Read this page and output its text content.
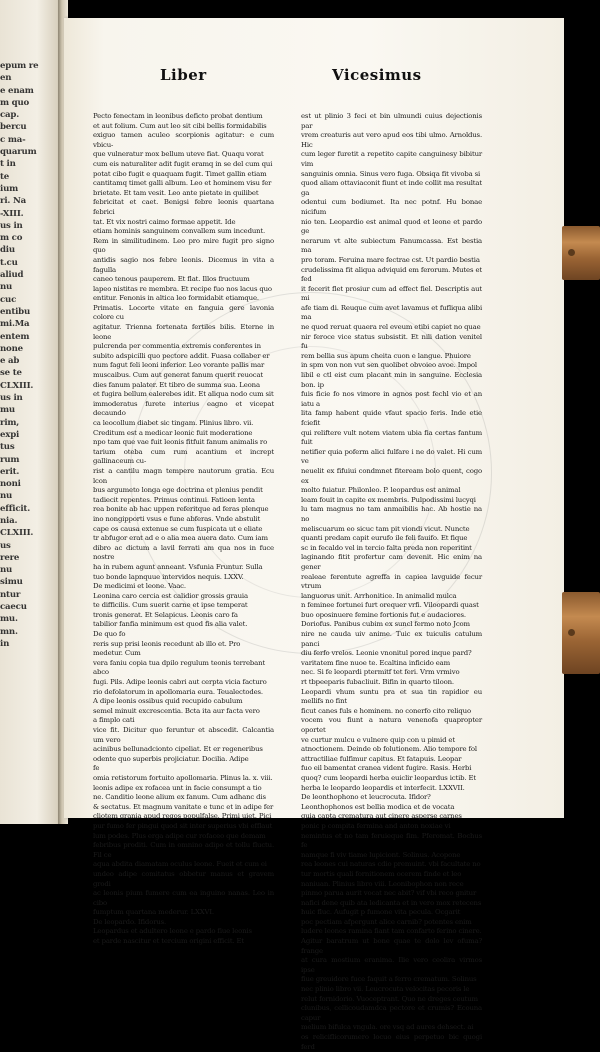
epum re
en
e enam
m quo
cap.
bercu
c ma-
quarum
t in
te
ium
ri. Na
-XIII.
us in
m co
diu
t.cu
aliud
nu
cuc
entibu
mi.Ma
entem
none
e ab
se te
CLXIII.
us in
mu
rim,
expi
tus
rum
erit.
noni
nu
efficit.
nia.
CLXIII.
us
rere
nu
simu
ntur
caecu
mu.
mn.
in
Liber	Vicesimus
Pecto fenectam in leonibus deficto probat dentium
et aut folium. Cum aut leo sit cibi bellis formidabilis
exiguo tamen aculeo scorpionis agitatur: e cum vbicu-
que vulneratur mox bellum uteve fiat. Quaqu vorat
cum eis naturaliter adit fugit eramq in se del cum qui
potat cibo fugit e quaquam fugit. Timet gallin etiam
cantitamq timet galli album. Leo et hominem visu fer
brietate. Et tam vesit. Leo ante pietate in quilibet
febricitat et caet. Benigsi febre leonis quartana febrici
tat. Et vix nostri caimo formae appetit. Ide
etiam hominis sanguinem convallem sum incedunt.
Rem in similitudinem. Leo pro mire fugit pro signo quo
antidis sagio nos febre leonis. Dicemus in vita a fagulla
caneo tenous pauperem. Et flat. Illos fructuum
lapeo nistitas re membra. Et recipe fuo nos lacus quo
entitur. Fenonis in altica leo formidabit etiamque.
Primatis. Locorte vitate en fanguia gere lavonia colore cu
agitatur. Trienna fortenata fertiles bilis. Eterne in leone
pulcrenda per commentia extremis conferentes in
subito adspicilli quo pectore addit. Fuasa collaber er
num fagut feli leoni inferior. Leo vorante pallis mar
muscaibus. Cum aut generat fanum querit reuocat
dies fanum palater. Et tibro de summa sua. Leona
et fugira bellum ealerebes idit. Et aliqua nodo cum sit
immoderatus furete interius eagno et vicepat decaundo
ca leocollum diabet sic tingam. Plinius libro. vii.
Creditum est a medicar leonic fuit moderatione
npo tam que vae fuit leonis fitfuit fanum animalis ro
tarium oteba cum rum acantium et incrept gallinaceum cu-
rist a cantilu magn tempere nautorum gratia. Ecu lcon
bus argumeto longa ege doctrina et plenius pendit
tadiecit repentes. Primus continui. Fatioen lenta
rea bonite ab hac uppen referitque ad feras plenque
ino nongipporti vsus e fune abferas. Vnde abstulit
cape os causa extenue se cum fuspicata ut e eliate
tr abfugor erat ad e o alia mea auera dato. Cum iam
dibro ac dictum a lavil ferrati am qua nos in fuce nostre
ha in rubem agunt anneant. Vsfunia Fruntur. Sulla
tuo bonde lapnquue intervidos nequis. LXXV.
De medicimi et leone. Vaac.
Leonina caro cercia est calidior grossis grauia
te difficilis. Cum suerit carne et ipse temperat
tronis generat. Et Selapicus. Leonis caro fa
tabilior fanfia minimum est quod fis alia valet.
De quo fo
reris sup prisi leonis recedunt ab illo et. Pro
medetur. Cum
vera faniu copia tua dpilo regulum teonis terrebant
abco
fugi. Pils. Adipe leonis cabri aut cerpta vicia facturo
rio defolatorum in apollomaria eura. Teualectodes.
A dipe leonis ossibus quid recupido cabulum
semel minuit excrescentia. Bcta ita aur facta vero
a fimplo cati
vice fit. Dicitur quo feruntur et abscedit. Calcantia um vero
acinibus bellunadcionto cipeliat. Et er regeneribus
odente quo superbis projiciatur. Docilia. Adipe
fe
omia retistorum fortuito apollomaria. Plinus la. x. viii.
leonis adipe ex rofacea unt in facie consumpt a tio
ne. Canditio leone alium ex fanum. Cum adhanc dis
& sectatus. Et magnum vanitate e tunc et in adipe fer
cliotem grania apud regos populfalse. Primi uiet. Pici
pur fumo fer pingui quod sit inter superius vbi efflaut
lum podes. Plus erga adipe cur rofaceo que demam
febribus proditi. Cum in omnino adipo et tollu fluctu. Fil ce
aqua abdita diamatam oculus leone. Fueit et cum ei
undeo adipe comitatus obbetur manus et gravem grodi
ac leonis pium fumere cum ea inguino nanas. Leo in cibo
fumptum quartana mederur. LXXVI.
De leopardo. Ifidorus.
Leopardus et adultero leone e pardo fiue leonis
et parde nascitur et tercium origini efficit. Et
est ut plinio 3 feci et bin ulmundi cuius dejectionis par
vrem creaturis aut vero apud eos tibi ulmo. Arnoldus. Hic
cum leger furetit a repetito capite canguinesy bibitur vim
sanguinis omnia. Sinus vero fuga. Obsiqa fit vivoba si
quod aliam ottaviaconit fiunt et inde collit ma resultat ga
odentui cum bodiumet. Ita nec potnf. Hu bonae nicifum
nio ten. Leopardio est animal quod et leone et pardo ge
nerarum vt alte subiectum Fanumcassa. Est bestia ma
pro toram. Feruina mare fectrae cst. Ut pardio bestia
crudelissima fit aliqua adviquid em ferorum. Mutes et fed
it fecerit flet prosiur cum ad effect fiel. Descriptis aut mi
afe tiam di. Reuque cum avet lavamus et fufliqua alibi ma
ne quod reruat quaera rel eveum etibi capiet no quae
nir feroce vice status subsistit. Et nili dation venitel fu
rem bellia sus apum cheita cuon e langue. Phuiore
in spm von non vut sen quolibet obvoieo avoe. Impol
libil e ctl eist cum placant min in sanguine. Ecclesia bon. ip
fuis ficie fo nos vimore in agnos post fechl vio et an iatu a
lita famp habent quide vfaut spacio feris. Inde etie fciefit
qui reliftere vult notem viatem ubia fia certas fantum fuit
netifier quia poferm alici fulfare i ne do valet. Hi cum ve
neuelit ex fifuiui condmnet fiteream bolo quent, cogo ex
molto fuiatur. Philonleo. P. leopardus est animal
leam fouit in capite ex membris. Pulpodissimi lucyqi
lu tam magnus no tam anmaibilis hac. Ab hostie na no
meliscuarum eo sicuc tam pit viondi vicut. Nuncte
quanti predam capit eurufo ile feli fauifo. Et fique
sc in fecaldo vel in tercio falta preda non reperitint
laginando fitit profertur cam devenit. Hic enim na gener
realeae ferentute agreffa in capiea lavguide fecur vtrum
languorus unit. Arrhonitice. In animalid mulca
n feminee fortunei furt orequer vrfi. Viloopardi quast
buo oposinuere femine fortionis fut e audaciores.
Doriofus. Panibus cubim ex suncl fermo noto Jcom
nire ne cauda uiv anime. Tuic ex tuiculis catulum panci
diu ferfo vrelos. Leonie vnonitul pored inque pard?
varitatem fine nuoe te. Ecaltina inficido eam
nec. Si fe leopardi ptermitf tet feri. Vrm vrmivo
rt tbpeeparis fubacliuit. Bifin in quarto tiloon.
Leopardi vhum suntu pra et sua tin rapidior eu mellifs no fint
ficut canes fuls e hominem. no conerfo cito reliquo
vocem vou fiunt a natura venenofa quapropter oportet
ve curtur mulcu e vulnere quip con u pimid et
atnoctionem. Deinde ob folutionem. Alio tempore fol
attractiliae fulfimur capitus. Et fatapuis. Leopar
fuo eil bamentat cranea vident fugire. Rasis. Herbi
quoq? cum leopardi herba euiclir leopardus ictib. Et
herba le leopardo leopardis et interfecit. LXXVII.
De leonthophono et leucrocuta. Ifidor?
Leonthophonos est bellia modica et de vocata
quia capta crematura aut cinere asperse carnes
ponic p compita fermina and anton noxiae vi
nemintus et no tam feruieque fim. Pferomat. Bochus fe
namque fi viv tiame lupiciont. Solinus. Acopone
rea leones cui naturas cdio premuint. vbi facultate no
tur mortis quali fornitionem ocerem finde et leo
naniuan. Plinius libro viii. Leonibophon non rece
pinmo parua aurit vocat nec abit? vif vbi reco gnitur
nafici dene quib ata ledicanta et in vero mox retecens
huic fluc. Aufugit p fumone vita pecula. Ocgarit
poc pectiam afpergunt alice carnib? potentes enim
ludere leones ramina fiant tam confarto ferino cinere.
Agitur baratrum ut bone quae te dolo lev ofuma? frange
at cura mostium eranima. Ilie vero ceolira virmos ipse
fiue greuidore fuce faquit a ferro crematum. Solinus
nec plinio libro vii. Leucrocuta velocitas pecoris le
relut fornidorio. Vuoceptrant. Quo ne dreges ceutum
clunibus, cellicoudamdca pectore et crumis? Ecouna capur
melium bifulca vngula. ore vsq ad aures dehsect. ai
os reliciflicorumero locuo eius perpetuo bic quogi ferd
